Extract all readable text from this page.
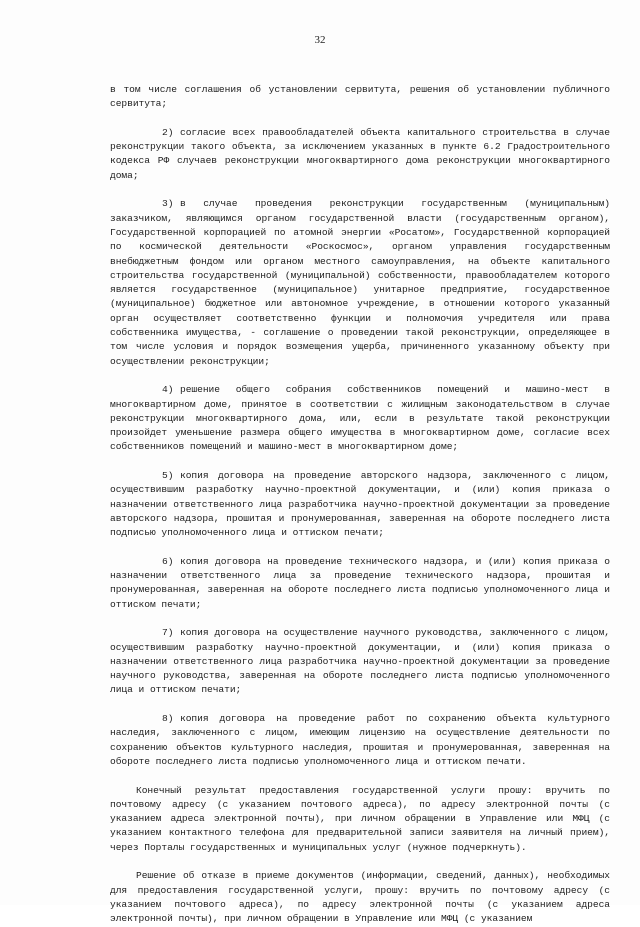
32

в том числе соглашения об установлении сервитута, решения об установлении публичного сервитута;

2) согласие всех правообладателей объекта капитального строительства в случае реконструкции такого объекта, за исключением указанных в пункте 6.2 Градостроительного кодекса РФ случаев реконструкции многоквартирного дома реконструкции многоквартирного дома;

3) в случае проведения реконструкции государственным (муниципальным) заказчиком, являющимся органом государственной власти (государственным органом), Государственной корпорацией по атомной энергии «Росатом», Государственной корпорацией по космической деятельности «Роскосмос», органом управления государственным внебюджетным фондом или органом местного самоуправления, на объекте капитального строительства государственной (муниципальной) собственности, правообладателем которого является государственное (муниципальное) унитарное предприятие, государственное (муниципальное) бюджетное или автономное учреждение, в отношении которого указанный орган осуществляет соответственно функции и полномочия учредителя или права собственника имущества, - соглашение о проведении такой реконструкции, определяющее в том числе условия и порядок возмещения ущерба, причиненного указанному объекту при осуществлении реконструкции;

4) решение общего собрания собственников помещений и машино-мест в многоквартирном доме, принятое в соответствии с жилищным законодательством в случае реконструкции многоквартирного дома, или, если в результате такой реконструкции произойдет уменьшение размера общего имущества в многоквартирном доме, согласие всех собственников помещений и машино-мест в многоквартирном доме;

5) копия договора на проведение авторского надзора, заключенного с лицом, осуществившим разработку научно-проектной документации, и (или) копия приказа о назначении ответственного лица разработчика научно-проектной документации за проведение авторского надзора, прошитая и пронумерованная, заверенная на обороте последнего листа подписью уполномоченного лица и оттиском печати;

6) копия договора на проведение технического надзора, и (или) копия приказа о назначении ответственного лица за проведение технического надзора, прошитая и пронумерованная, заверенная на обороте последнего листа подписью уполномоченного лица и оттиском печати;

7) копия договора на осуществление научного руководства, заключенного с лицом, осуществившим разработку научно-проектной документации, и (или) копия приказа о назначении ответственного лица разработчика научно-проектной документации за проведение научного руководства, заверенная на обороте последнего листа подписью уполномоченного лица и оттиском печати;

8) копия договора на проведение работ по сохранению объекта культурного наследия, заключенного с лицом, имеющим лицензию на осуществление деятельности по сохранению объектов культурного наследия, прошитая и пронумерованная, заверенная на обороте последнего листа подписью уполномоченного лица и оттиском печати.

Конечный результат предоставления государственной услуги прошу: вручить по почтовому адресу (с указанием почтового адреса), по адресу электронной почты (с указанием адреса электронной почты), при личном обращении в Управление или МФЦ (с указанием контактного телефона для предварительной записи заявителя на личный прием), через Порталы государственных и муниципальных услуг (нужное подчеркнуть).

Решение об отказе в приеме документов (информации, сведений, данных), необходимых для предоставления государственной услуги, прошу: вручить по почтовому адресу (с указанием почтового адреса), по адресу электронной почты (с указанием адреса электронной почты), при личном обращении в Управление или МФЦ (с указанием
